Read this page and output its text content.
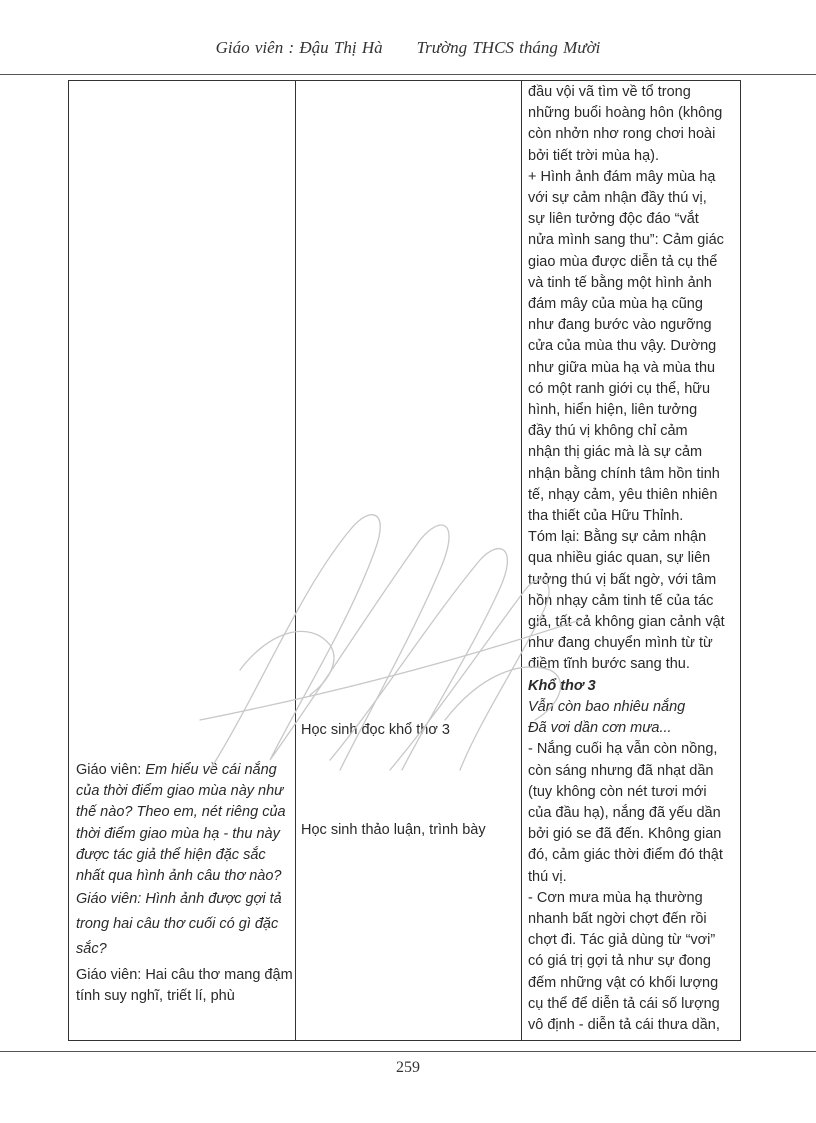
Giáo viên : Đậu Thị Hà Trường THCS tháng Mười

Giáo viên: Em hiểu về cái nắng của thời điểm giao mùa này như thế nào? Theo em, nét riêng của thời điểm giao mùa hạ - thu này được tác giả thể hiện đặc sắc nhất qua hình ảnh câu thơ nào?

Giáo viên: Hình ảnh được gợi tả trong hai câu thơ cuối có gì đặc sắc?

Giáo viên: Hai câu thơ mang đậm tính suy nghĩ, triết lí, phù

Học sinh đọc khổ thơ 3
Học sinh thảo luận, trình bày

đầu vội vã tìm về tổ trong

những buổi hoàng hôn (không

còn nhởn nhơ rong chơi hoài

bởi tiết trời mùa hạ).

+ Hình ảnh đám mây mùa hạ

với sự cảm nhận đầy thú vị,

sự liên tưởng độc đáo “vắt

nửa mình sang thu”: Cảm giác

giao mùa được diễn tả cụ thể

và tinh tế bằng một hình ảnh

đám mây của mùa hạ cũng

như đang bước vào ngưỡng

cửa của mùa thu vậy. Dường

như giữa mùa hạ và mùa thu

có một ranh giới cụ thể, hữu

hình, hiển hiện, liên tưởng

đầy thú vị không chỉ cảm

nhận thị giác mà là sự cảm

nhận bằng chính tâm hồn tinh

tế, nhạy cảm, yêu thiên nhiên

tha thiết của Hữu Thỉnh.

Tóm lại: Bằng sự cảm nhận

qua nhiều giác quan, sự liên

tưởng thú vị bất ngờ, với tâm

hồn nhạy cảm tinh tế của tác

giả, tất cả không gian cảnh vật

như đang chuyển mình từ từ

điềm tĩnh bước sang thu.

Khổ thơ 3

Vẫn còn bao nhiêu nắng

Đã vơi dần cơn mưa...

- Nắng cuối hạ vẫn còn nồng,

còn sáng nhưng đã nhạt dần

(tuy không còn nét tươi mới

của đầu hạ), nắng đã yếu dần

bởi gió se đã đến. Không gian

đó, cảm giác thời điểm đó thật

thú vị.

- Cơn mưa mùa hạ thường

nhanh bất ngời chợt đến rồi

chợt đi. Tác giả dùng từ “vơi”

có giá trị gợi tả như sự đong

đếm những vật có khối lượng

cụ thể để diễn tả cái số lượng

vô định - diễn tả cái thưa dần,

259
